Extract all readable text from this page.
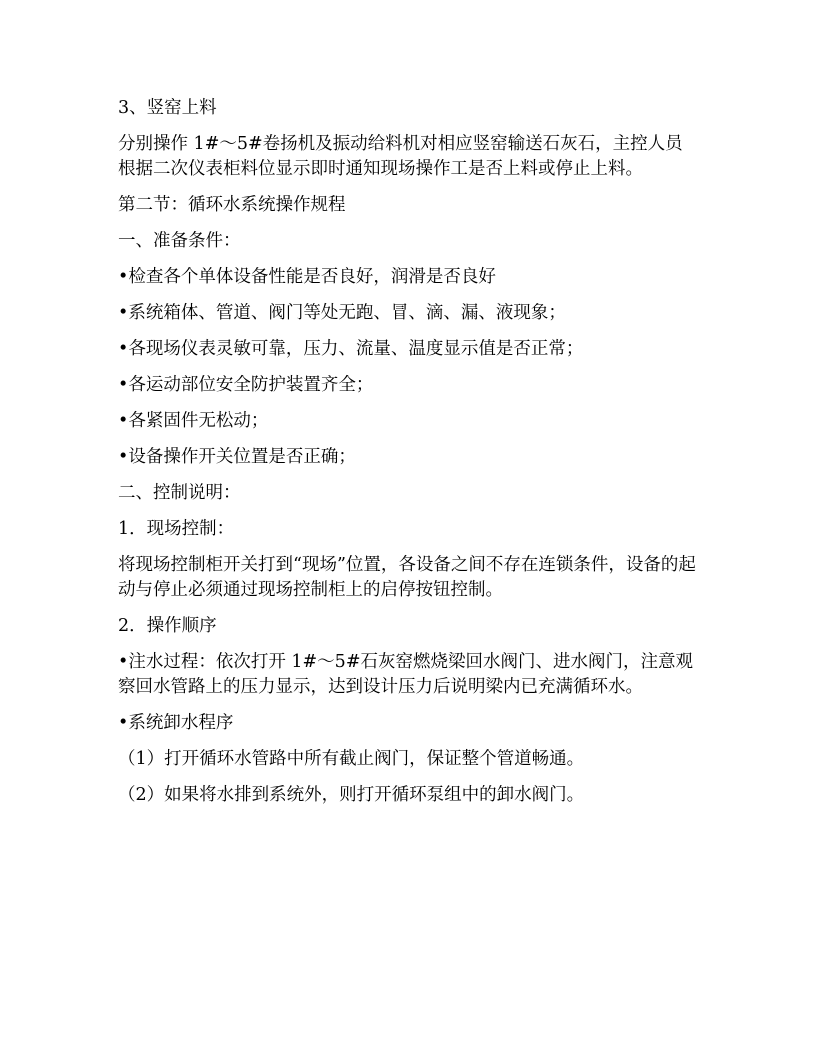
3、竖窑上料

分别操作 1#～5#卷扬机及振动给料机对相应竖窑输送石灰石，主控人员根据二次仪表柜料位显示即时通知现场操作工是否上料或停止上料。

第二节：循环水系统操作规程

一、准备条件：

•检查各个单体设备性能是否良好，润滑是否良好

•系统箱体、管道、阀门等处无跑、冒、滴、漏、液现象；

•各现场仪表灵敏可靠，压力、流量、温度显示值是否正常；

•各运动部位安全防护装置齐全；

•各紧固件无松动；

•设备操作开关位置是否正确；

二、控制说明：

1．现场控制：

将现场控制柜开关打到“现场”位置，各设备之间不存在连锁条件，设备的起动与停止必须通过现场控制柜上的启停按钮控制。

2．操作顺序

•注水过程：依次打开 1#～5#石灰窑燃烧梁回水阀门、进水阀门，注意观察回水管路上的压力显示，达到设计压力后说明梁内已充满循环水。

•系统卸水程序

（1）打开循环水管路中所有截止阀门，保证整个管道畅通。

（2）如果将水排到系统外，则打开循环泵组中的卸水阀门。
